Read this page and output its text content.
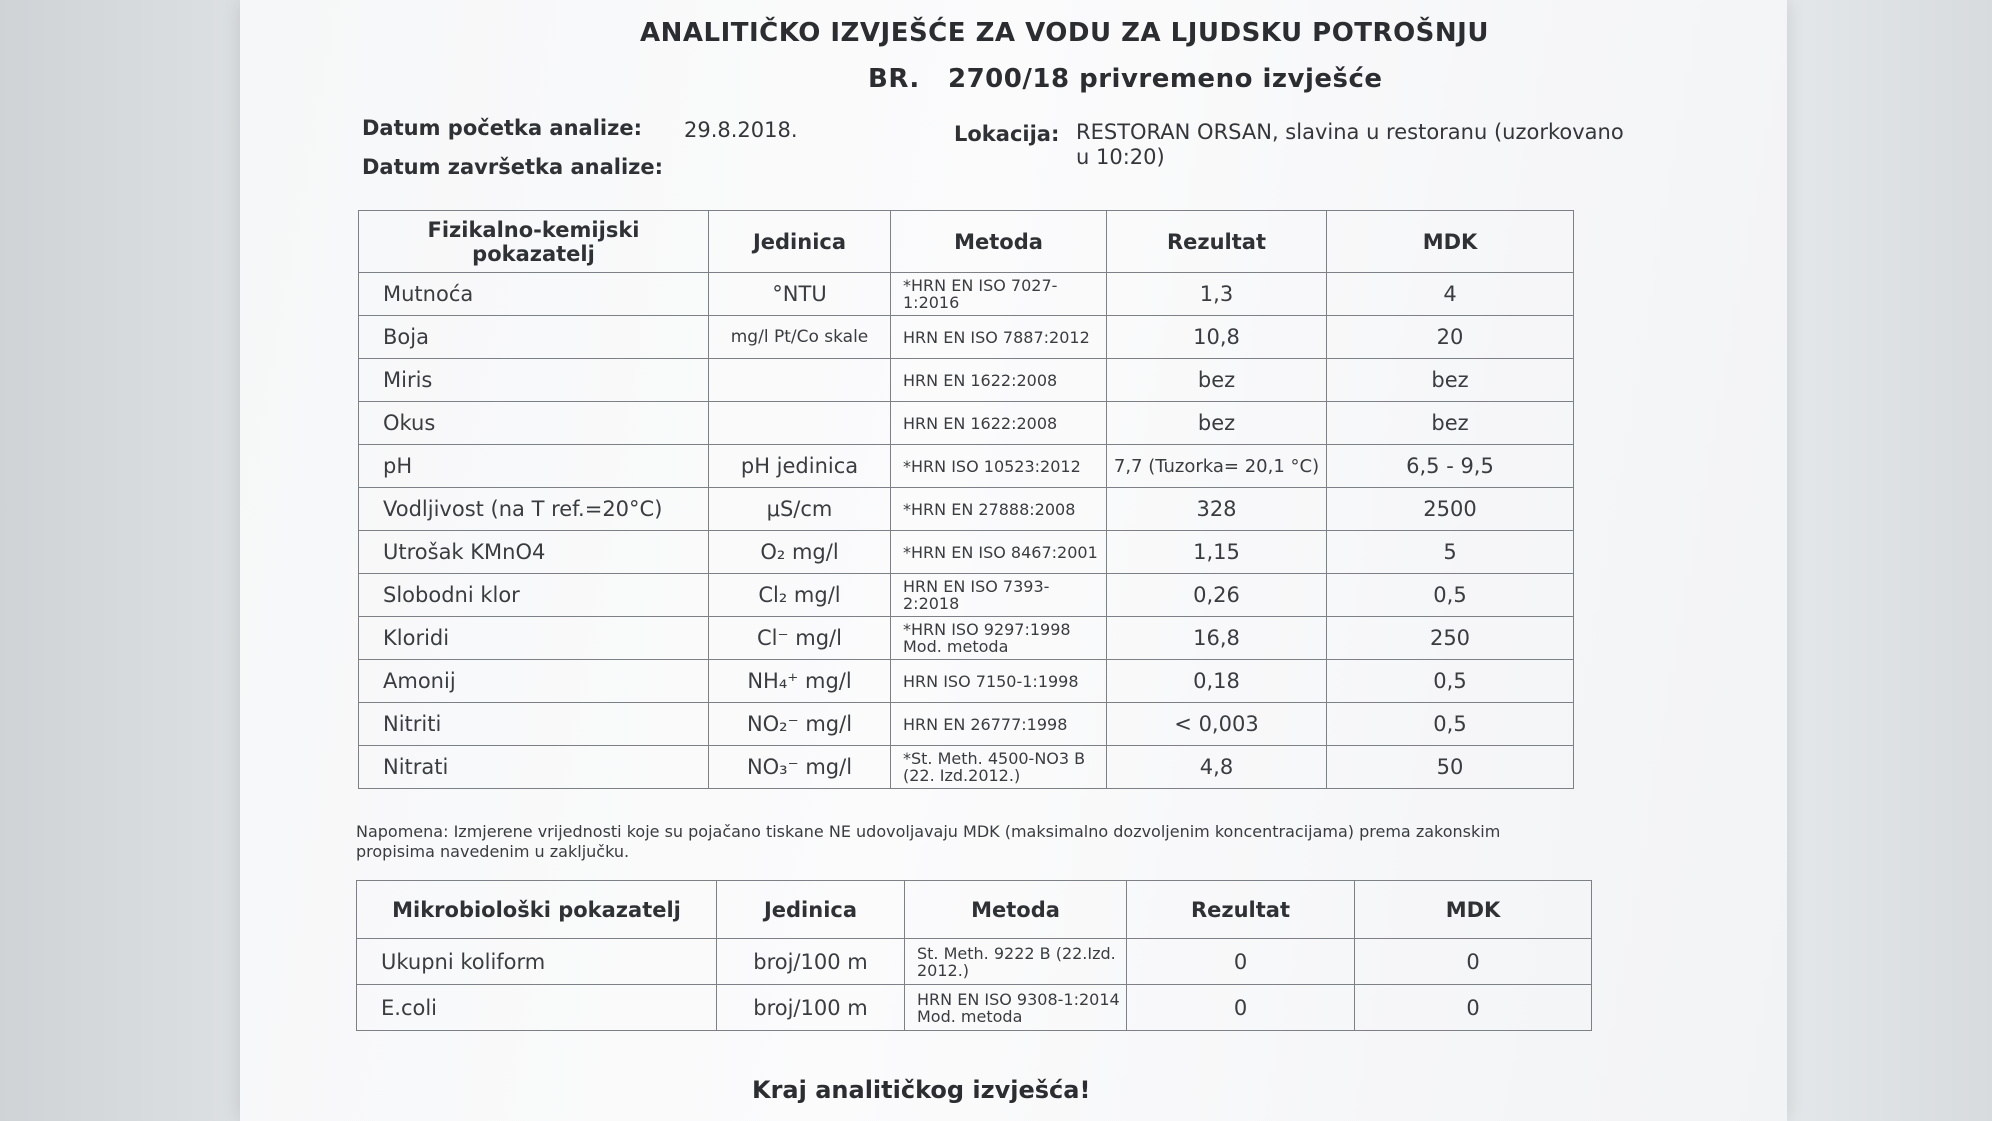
ANALITIČKO IZVJEŠĆE ZA VODU ZA LJUDSKU POTROŠNJU
BR. 2700/18 privremeno izvješće
Datum početka analize: 29.8.2018.
Datum završetka analize:
Lokacija: RESTORAN ORSAN, slavina u restoranu (uzorkovano u 10:20)
Fizikalno-kemijski pokazatelj	Jedinica	Metoda	Rezultat	MDK
Mutnoća	°NTU	*HRN EN ISO 7027-1:2016	1,3	4
Boja	mg/l Pt/Co skale	HRN EN ISO 7887:2012	10,8	20
Miris		HRN EN 1622:2008	bez	bez
Okus		HRN EN 1622:2008	bez	bez
pH	pH jedinica	*HRN ISO 10523:2012	7,7 (Tuzorka= 20,1 °C)	6,5 - 9,5
Vodljivost (na T ref.=20°C)	μS/cm	*HRN EN 27888:2008	328	2500
Utrošak KMnO4	O₂ mg/l	*HRN EN ISO 8467:2001	1,15	5
Slobodni klor	Cl₂ mg/l	HRN EN ISO 7393-2:2018	0,26	0,5
Kloridi	Cl⁻ mg/l	*HRN ISO 9297:1998 Mod. metoda	16,8	250
Amonij	NH₄⁺ mg/l	HRN ISO 7150-1:1998	0,18	0,5
Nitriti	NO₂⁻ mg/l	HRN EN 26777:1998	< 0,003	0,5
Nitrati	NO₃⁻ mg/l	*St. Meth. 4500-NO3 B (22. Izd.2012.)	4,8	50
Napomena: Izmjerene vrijednosti koje su pojačano tiskane NE udovoljavaju MDK (maksimalno dozvoljenim koncentracijama) prema zakonskim propisima navedenim u zaključku.
Mikrobiološki pokazatelj	Jedinica	Metoda	Rezultat	MDK
Ukupni koliform	broj/100 m	St. Meth. 9222 B (22.Izd. 2012.)	0	0
E.coli	broj/100 m	HRN EN ISO 9308-1:2014 Mod. metoda	0	0
Kraj analitičkog izvješća!
